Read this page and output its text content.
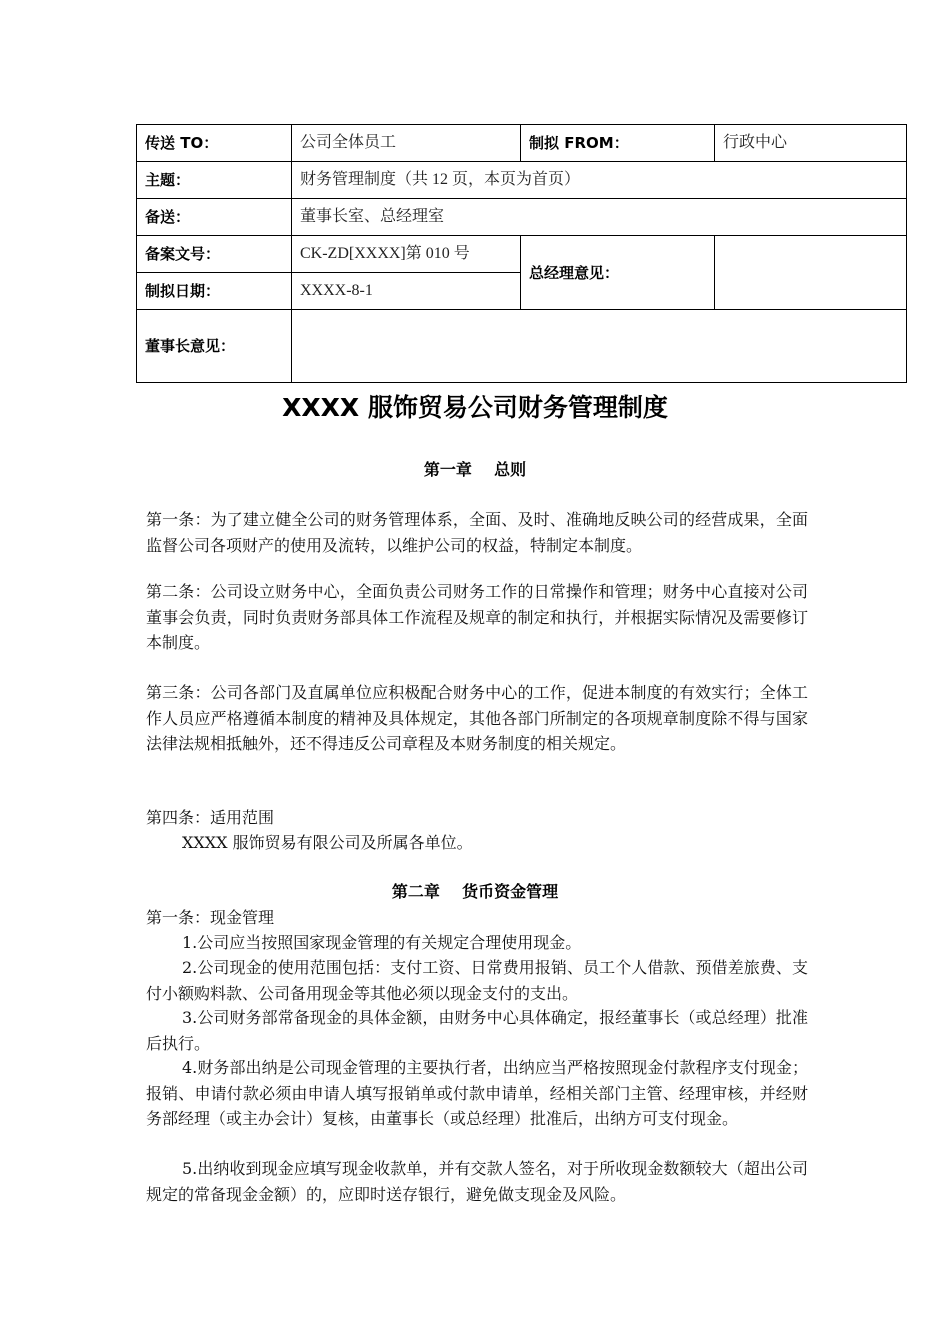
传送 TO：	公司全体员工	制拟 FROM：	行政中心
主题：	财务管理制度（共 12 页，本页为首页）		
备送：	董事长室、总经理室		
备案文号：	CK-ZD[XXXX]第 010 号	总经理意见：	
制拟日期：	XXXX-8-1		
董事长意见：			
XXXX 服饰贸易公司财务管理制度
第一章    总则
第一条：为了建立健全公司的财务管理体系，全面、及时、准确地反映公司的经营成果，全面监督公司各项财产的使用及流转，以维护公司的权益，特制定本制度。
第二条：公司设立财务中心，全面负责公司财务工作的日常操作和管理；财务中心直接对公司董事会负责，同时负责财务部具体工作流程及规章的制定和执行，并根据实际情况及需要修订本制度。
第三条：公司各部门及直属单位应积极配合财务中心的工作，促进本制度的有效实行；全体工作人员应严格遵循本制度的精神及具体规定，其他各部门所制定的各项规章制度除不得与国家法律法规相抵触外，还不得违反公司章程及本财务制度的相关规定。
第四条：适用范围
XXXX 服饰贸易有限公司及所属各单位。
第二章    货币资金管理
第一条：现金管理
1.公司应当按照国家现金管理的有关规定合理使用现金。
2.公司现金的使用范围包括：支付工资、日常费用报销、员工个人借款、预借差旅费、支付小额购料款、公司备用现金等其他必须以现金支付的支出。
3.公司财务部常备现金的具体金额，由财务中心具体确定，报经董事长（或总经理）批准后执行。
4.财务部出纳是公司现金管理的主要执行者，出纳应当严格按照现金付款程序支付现金；报销、申请付款必须由申请人填写报销单或付款申请单，经相关部门主管、经理审核，并经财务部经理（或主办会计）复核，由董事长（或总经理）批准后，出纳方可支付现金。
5.出纳收到现金应填写现金收款单，并有交款人签名，对于所收现金数额较大（超出公司规定的常备现金金额）的，应即时送存银行，避免做支现金及风险。
